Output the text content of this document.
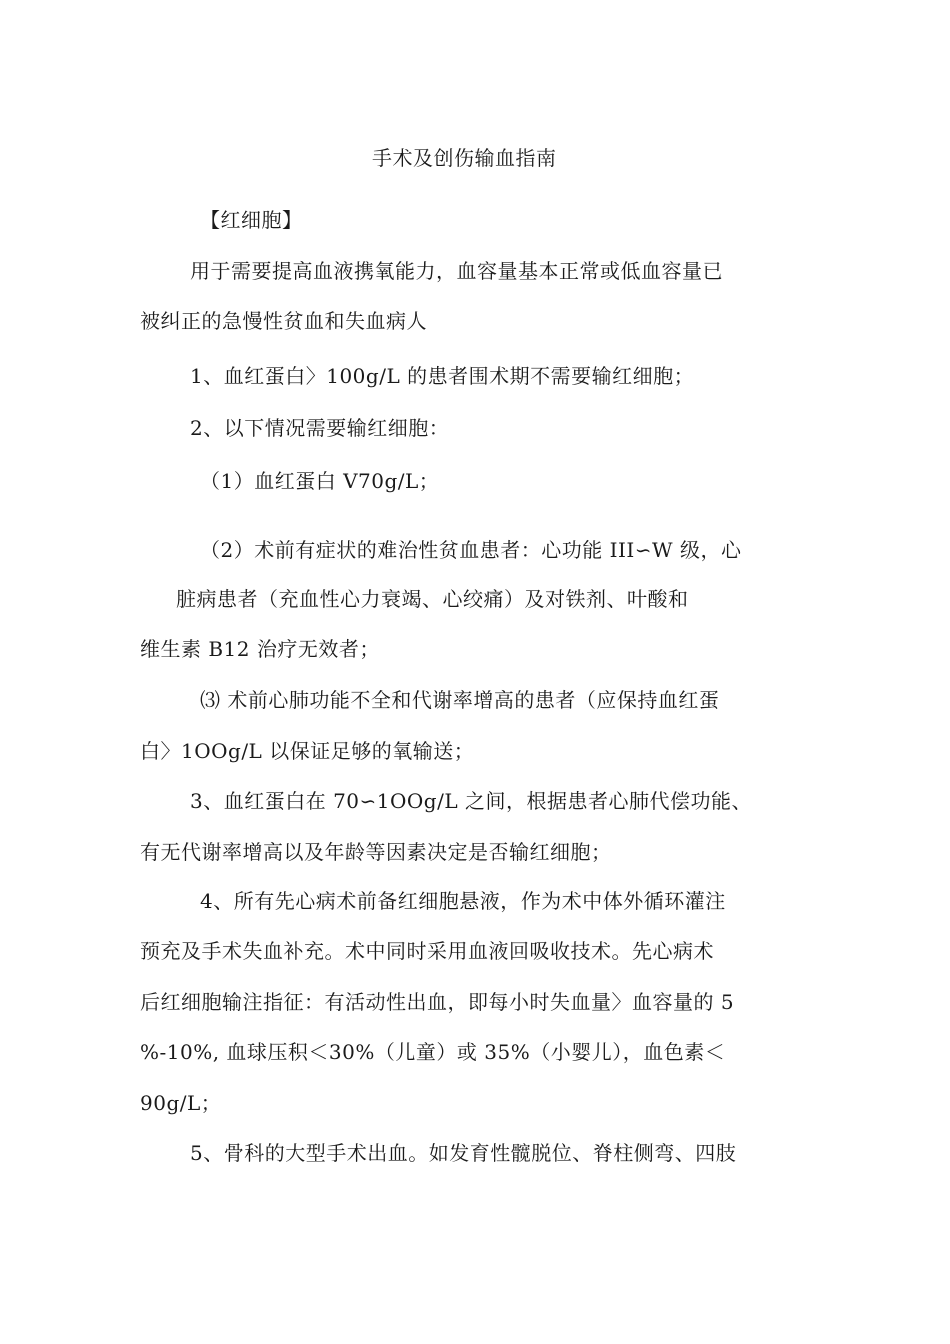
手术及创伤输血指南
【红细胞】
用于需要提高血液携氧能力，血容量基本正常或低血容量已
被纠正的急慢性贫血和失血病人
1、血红蛋白〉100g/L 的患者围术期不需要输红细胞；
2、以下情况需要输红细胞：
（1）血红蛋白 V70g/L；
（2）术前有症状的难治性贫血患者：心功能 III∽W 级，心
脏病患者（充血性心力衰竭、心绞痛）及对铁剂、叶酸和
维生素 B12 治疗无效者；
⑶ 术前心肺功能不全和代谢率增高的患者（应保持血红蛋
白〉1OOg/L 以保证足够的氧输送；
3、血红蛋白在 70∽1OOg/L 之间，根据患者心肺代偿功能、
有无代谢率增高以及年龄等因素决定是否输红细胞；
4、所有先心病术前备红细胞悬液，作为术中体外循环灌注
预充及手术失血补充。术中同时采用血液回吸收技术。先心病术
后红细胞输注指征：有活动性出血，即每小时失血量〉血容量的 5
%-10%, 血球压积＜30%（儿童）或 35%（小婴儿），血色素＜
90g/L；
5、骨科的大型手术出血。如发育性髋脱位、脊柱侧弯、四肢
